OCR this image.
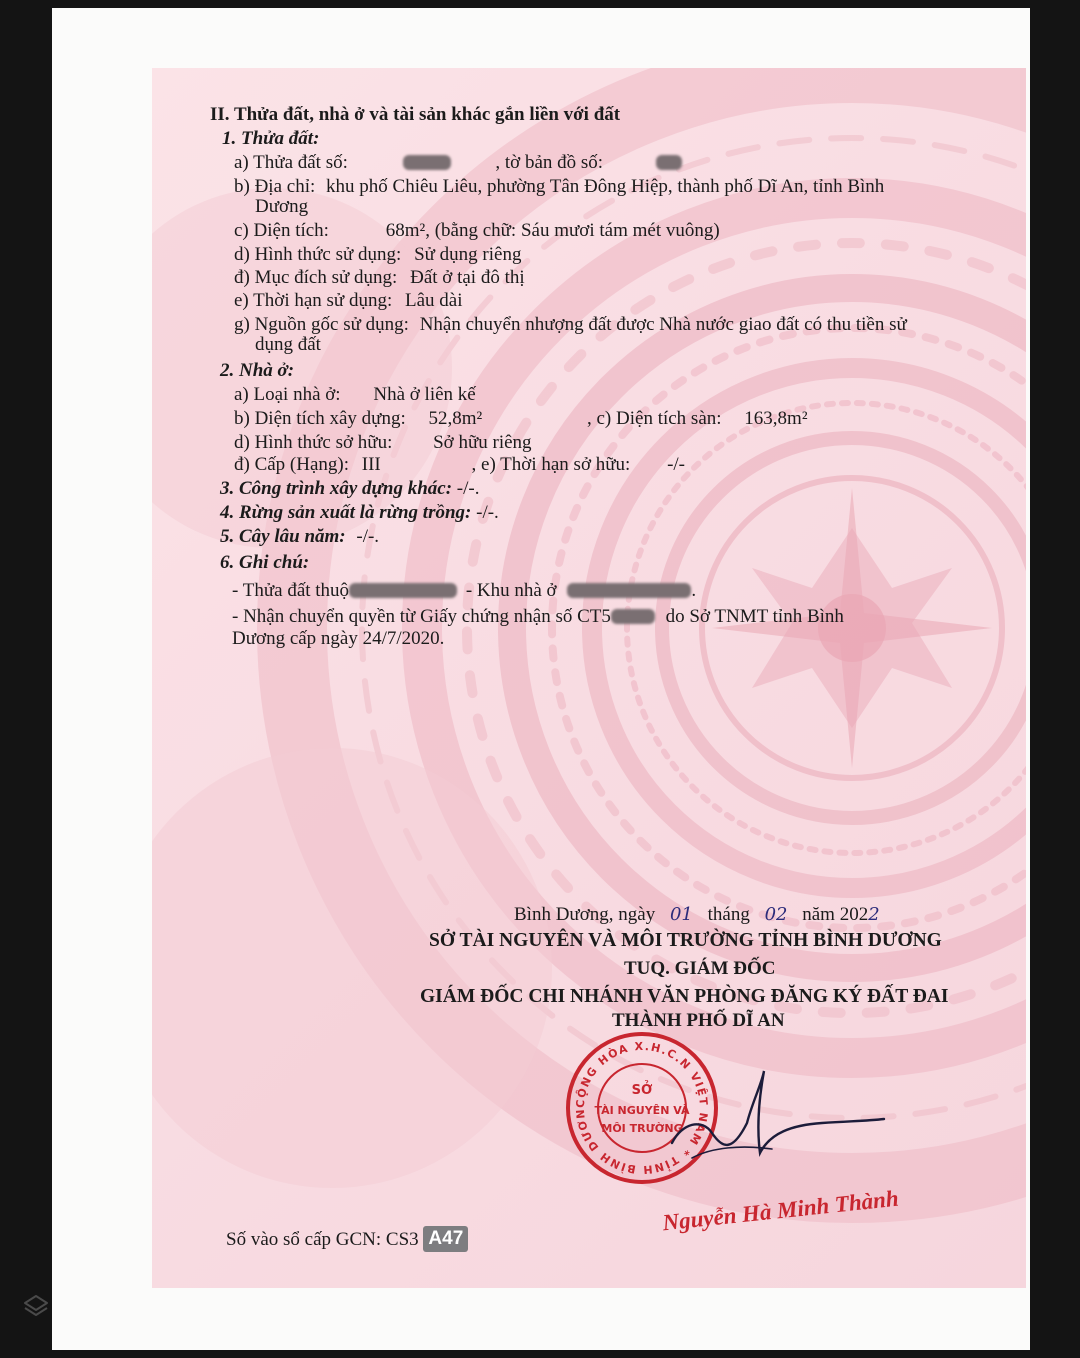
II. Thửa đất, nhà ở và tài sản khác gắn liền với đất
1. Thửa đất:
a) Thửa đất số:	, tờ bản đồ số:
b) Địa chỉ: khu phố Chiêu Liêu, phường Tân Đông Hiệp, thành phố Dĩ An, tỉnh Bình
Dương
c) Diện tích:	68m², (bằng chữ: Sáu mươi tám mét vuông)
d) Hình thức sử dụng: Sử dụng riêng
đ) Mục đích sử dụng: Đất ở tại đô thị
e) Thời hạn sử dụng: Lâu dài
g) Nguồn gốc sử dụng: Nhận chuyển nhượng đất được Nhà nước giao đất có thu tiền sử
dụng đất
2. Nhà ở:
a) Loại nhà ở: Nhà ở liên kế
b) Diện tích xây dựng: 52,8m²	, c) Diện tích sàn: 163,8m²
d) Hình thức sở hữu: Sở hữu riêng
đ) Cấp (Hạng): III	, e) Thời hạn sở hữu: -/-
3. Công trình xây dựng khác: -/-.
4. Rừng sản xuất là rừng trồng: -/-.
5. Cây lâu năm: -/-.
6. Ghi chú:
- Thửa đất thuộ	- Khu nhà ở	.
- Nhận chuyển quyền từ Giấy chứng nhận số CT5	do Sở TNMT tỉnh Bình
Dương cấp ngày 24/7/2020.
Bình Dương, ngày 01 tháng 02 năm 2022
SỞ TÀI NGUYÊN VÀ MÔI TRƯỜNG TỈNH BÌNH DƯƠNG
TUQ. GIÁM ĐỐC
GIÁM ĐỐC CHI NHÁNH VĂN PHÒNG ĐĂNG KÝ ĐẤT ĐAI
THÀNH PHỐ DĨ AN
Số vào sổ cấp GCN: CS3 A47
CỘNG HÒA X.H.C.N VIỆT NAM * TỈNH BÌNH DƯƠN
SỞ
TÀI NGUYÊN VÀ
MÔI TRƯỜNG
Nguyễn Hà Minh Thành
